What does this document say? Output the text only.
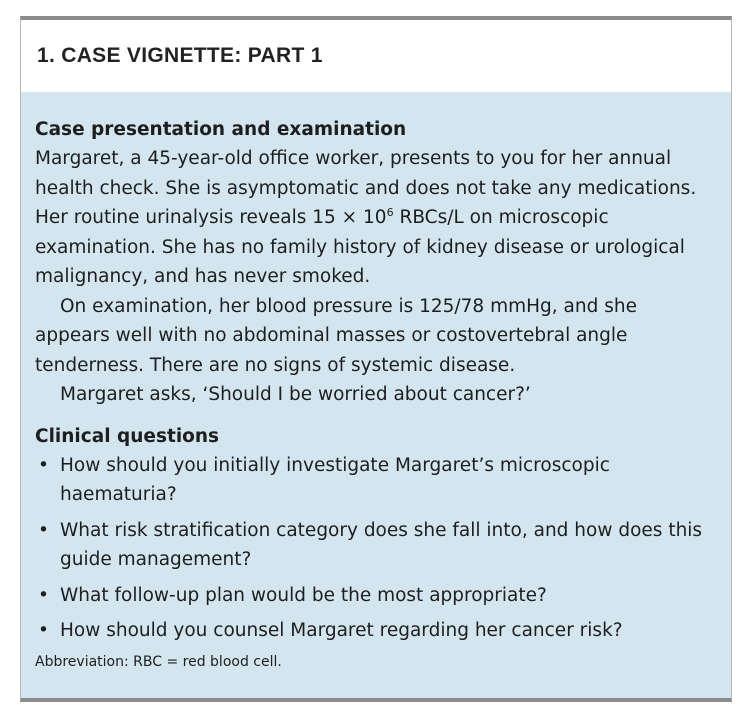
1. CASE VIGNETTE: PART 1

Case presentation and examination

Margaret, a 45-year-old office worker, presents to you for her annual health check. She is asymptomatic and does not take any medications. Her routine urinalysis reveals $15 \times 10^6$ RBCs/L on microscopic examination. She has no family history of kidney disease or urological malignancy, and has never smoked.

On examination, her blood pressure is 125/78 mmHg, and she appears well with no abdominal masses or costovertebral angle tenderness. There are no signs of systemic disease.

Margaret asks, ‘Should I be worried about cancer?’

Clinical questions

• How should you initially investigate Margaret’s microscopic haematuria?
• What risk stratification category does she fall into, and how does this guide management?
• What follow-up plan would be the most appropriate?
• How should you counsel Margaret regarding her cancer risk?
Abbreviation: RBC = red blood cell.
